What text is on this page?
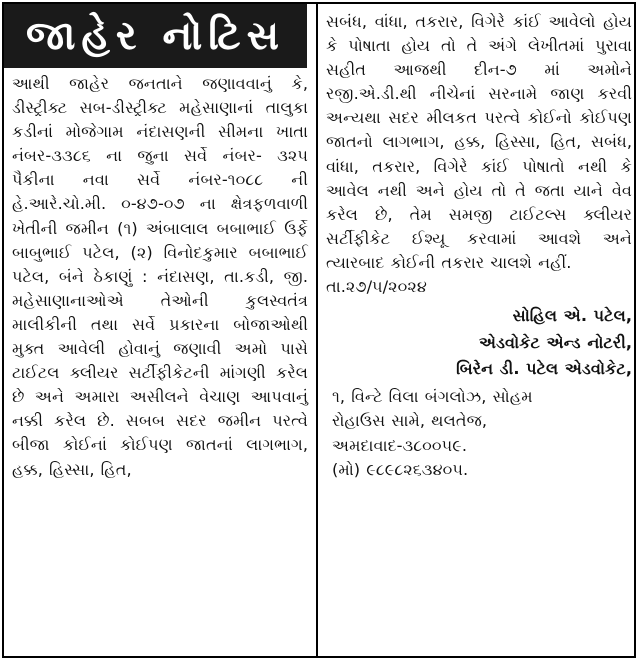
જાહેર નોટિસ
આથી જાહેર જનતાને જણાવવાનું કે, ડીસ્ટ્રીક્ટ સબ-ડીસ્ટ્રીક્ટ મહેસાણાનાં તાલુકા કડીનાં મોજેગામ નંદાસણની સીમના ખાતા નંબર-૩૩૮૬ ના જુના સર્વે નંબર- ૩૨૫ પૈકીના નવા સર્વે નંબર-૧૦૮૮ ની હે.આરે.ચો.મી. ૦-૪૭-૦૭ ના ક્ષેત્રફળવાળી ખેતીની જમીન (૧) અંબાલાલ બબાભાઈ ઉર્ફે બાબુભાઈ પટેલ, (૨) વિનોદકુમાર બબાભાઈ પટેલ, બંને ઠેકાણું : નંદાસણ, તા.કડી, જી. મહેસાણાનાઓએ તેઓની કુલસ્વતંત્ર માલીકીની તથા સર્વે પ્રકારના બોજાઓથી મુક્ત આવેલી હોવાનું જણાવી અમો પાસે ટાઈટલ ક્લીયર સર્ટીફીકેટની માંગણી કરેલ છે અને અમારા અસીલને વેચાણ આપવાનું નક્કી કરેલ છે. સબબ સદર જમીન પરત્વે બીજા કોઈનાં કોઈપણ જાતનાં લાગભાગ, હક્ક, હિસ્સા, હિત,
સબંધ, વાંધા, તકરાર, વિગેરે કાંઈ આવેલો હોય કે પોષાતા હોય તો તે અંગે લેખીતમાં પુરાવા સહીત આજથી દીન-૭ માં અમોને રજી.એ.ડી.થી નીચેનાં સરનામે જાણ કરવી અન્યથા સદર મીલકત પરત્વે કોઈનો કોઈપણ જાતનો લાગભાગ, હક્ક, હિસ્સા, હિત, સબંધ, વાંધા, તકરાર, વિગેરે કાંઈ પોષાતો નથી કે આવેલ નથી અને હોય તો તે જતા યાને વેવ કરેલ છે, તેમ સમજી ટાઈટલ્સ ક્લીયર સર્ટીફીકેટ ઈશ્યૂ કરવામાં આવશે અને ત્યારબાદ કોઈની તકરાર ચાલશે નહીં.
તા.૨૭/૫/૨૦૨૪
સોહિલ એ. પટેલ,
એડવોકેટ એન્ડ નોટરી,
બિરેન ડી. પટેલ એડવોકેટ,
૧, વિન્ટે વિલા બંગલોઝ, સોહમ
રોહાઉસ સામે, થલતેજ,
અમદાવાદ-૩૮૦૦૫૯.
(મો) ૯૮૯૮૨૬૩૪૦૫.
